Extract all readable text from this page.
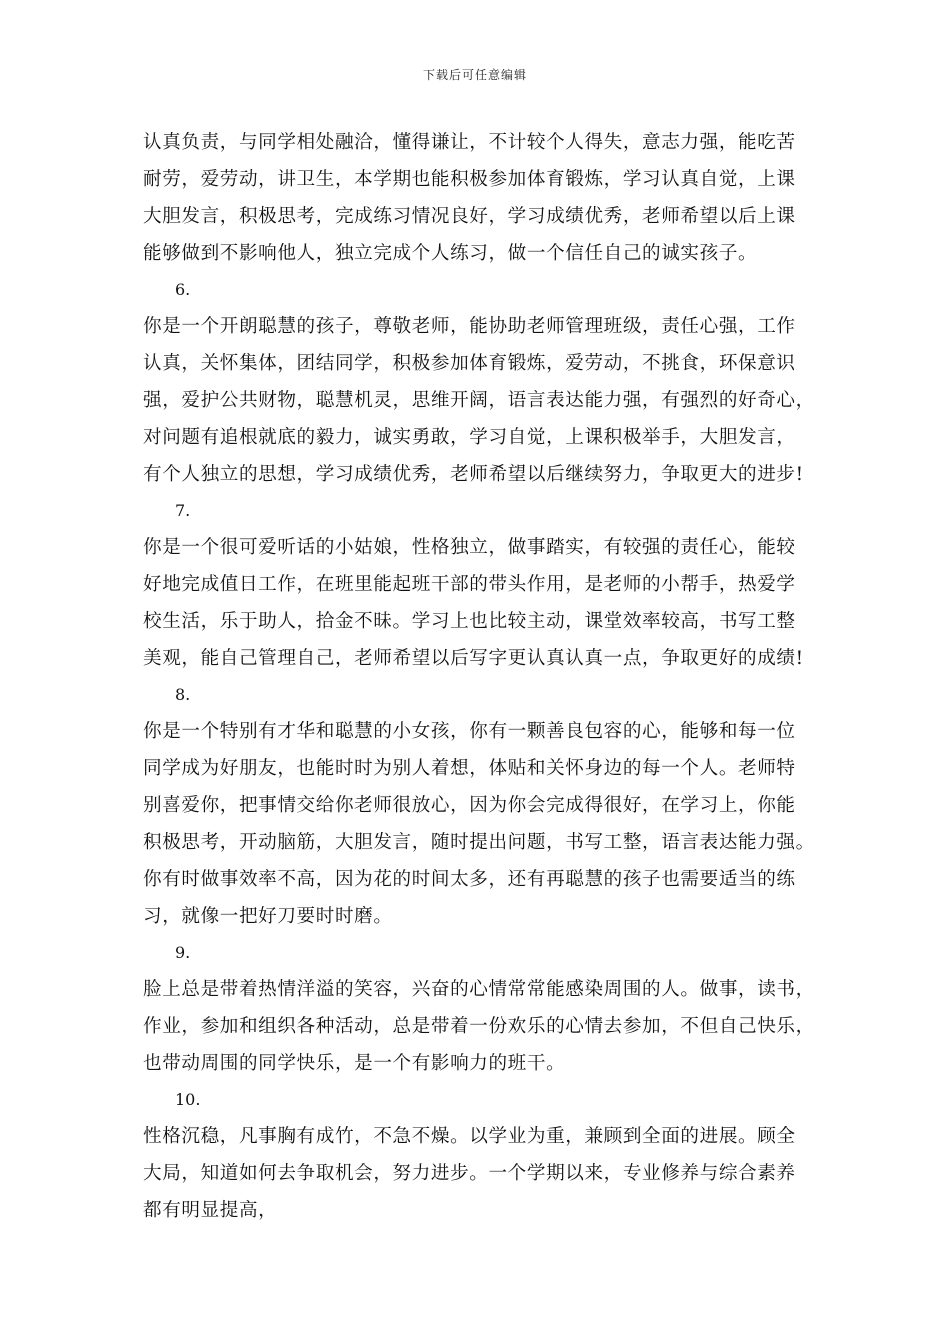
下载后可任意编辑
认真负责，与同学相处融洽，懂得谦让，不计较个人得失，意志力强，能吃苦
耐劳，爱劳动，讲卫生，本学期也能积极参加体育锻炼，学习认真自觉，上课
大胆发言，积极思考，完成练习情况良好，学习成绩优秀，老师希望以后上课
能够做到不影响他人，独立完成个人练习，做一个信任自己的诚实孩子。
6.
你是一个开朗聪慧的孩子，尊敬老师，能协助老师管理班级，责任心强，工作
认真，关怀集体，团结同学，积极参加体育锻炼，爱劳动，不挑食，环保意识
强，爱护公共财物，聪慧机灵，思维开阔，语言表达能力强，有强烈的好奇心，
对问题有追根就底的毅力，诚实勇敢，学习自觉，上课积极举手，大胆发言，
有个人独立的思想，学习成绩优秀，老师希望以后继续努力，争取更大的进步!
7.
你是一个很可爱听话的小姑娘，性格独立，做事踏实，有较强的责任心，能较
好地完成值日工作，在班里能起班干部的带头作用，是老师的小帮手，热爱学
校生活，乐于助人，拾金不昧。学习上也比较主动，课堂效率较高，书写工整
美观，能自己管理自己，老师希望以后写字更认真认真一点，争取更好的成绩!
8.
你是一个特别有才华和聪慧的小女孩，你有一颗善良包容的心，能够和每一位
同学成为好朋友，也能时时为别人着想，体贴和关怀身边的每一个人。老师特
别喜爱你，把事情交给你老师很放心，因为你会完成得很好，在学习上，你能
积极思考，开动脑筋，大胆发言，随时提出问题，书写工整，语言表达能力强。
你有时做事效率不高，因为花的时间太多，还有再聪慧的孩子也需要适当的练
习，就像一把好刀要时时磨。
9.
脸上总是带着热情洋溢的笑容，兴奋的心情常常能感染周围的人。做事，读书，
作业，参加和组织各种活动，总是带着一份欢乐的心情去参加，不但自己快乐，
也带动周围的同学快乐，是一个有影响力的班干。
10.
性格沉稳，凡事胸有成竹，不急不燥。以学业为重，兼顾到全面的进展。顾全
大局，知道如何去争取机会，努力进步。一个学期以来，专业修养与综合素养
都有明显提高，
